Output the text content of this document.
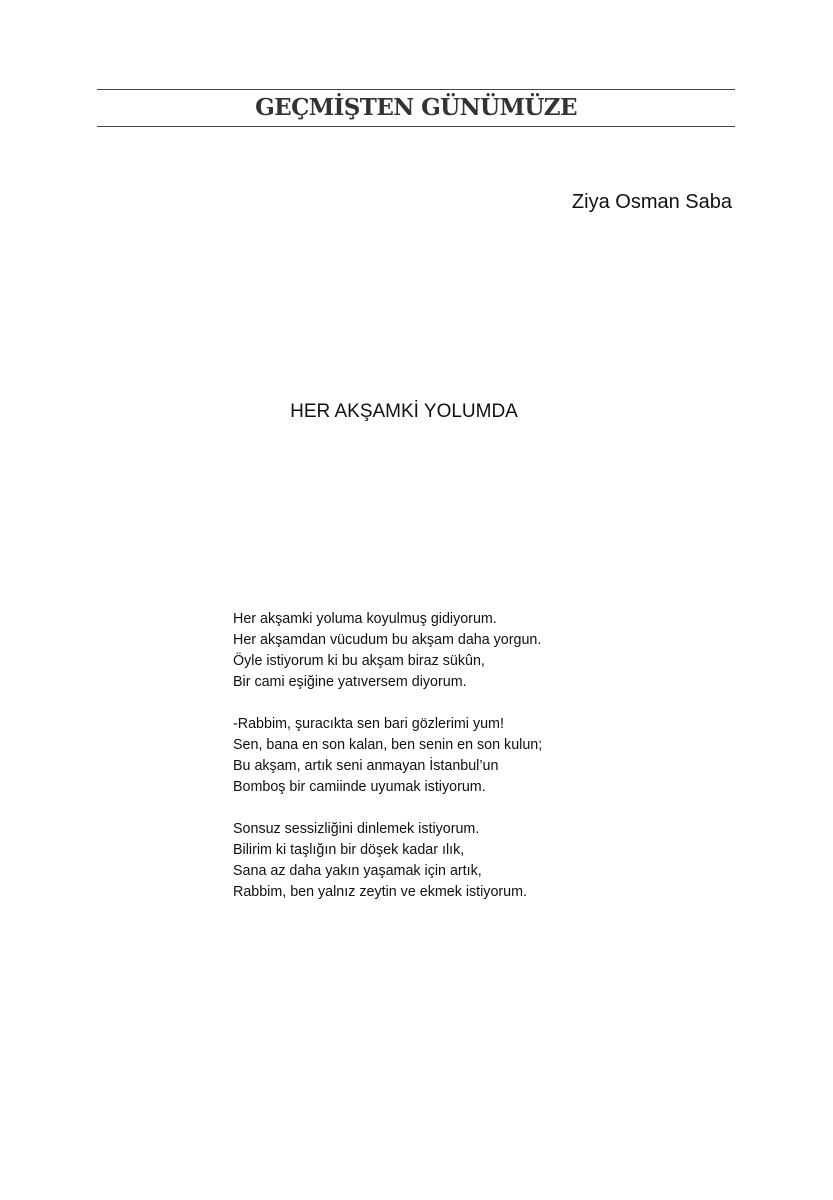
GEÇMİŞTEN GÜNÜMÜZE
Ziya Osman Saba
HER AKŞAMKİ YOLUMDA
Her akşamki yoluma koyulmuş gidiyorum.
Her akşamdan vücudum bu akşam daha yorgun.
Öyle istiyorum ki bu akşam biraz sükûn,
Bir cami eşiğine yatıversem diyorum.
-Rabbim, şuracıkta sen bari gözlerimi yum!
Sen, bana en son kalan, ben senin en son kulun;
Bu akşam, artık seni anmayan İstanbul’un
Bomboş bir camiinde uyumak istiyorum.
Sonsuz sessizliğini dinlemek istiyorum.
Bilirim ki taşlığın bir döşek kadar ılık,
Sana az daha yakın yaşamak için artık,
Rabbim, ben yalnız zeytin ve ekmek istiyorum.
